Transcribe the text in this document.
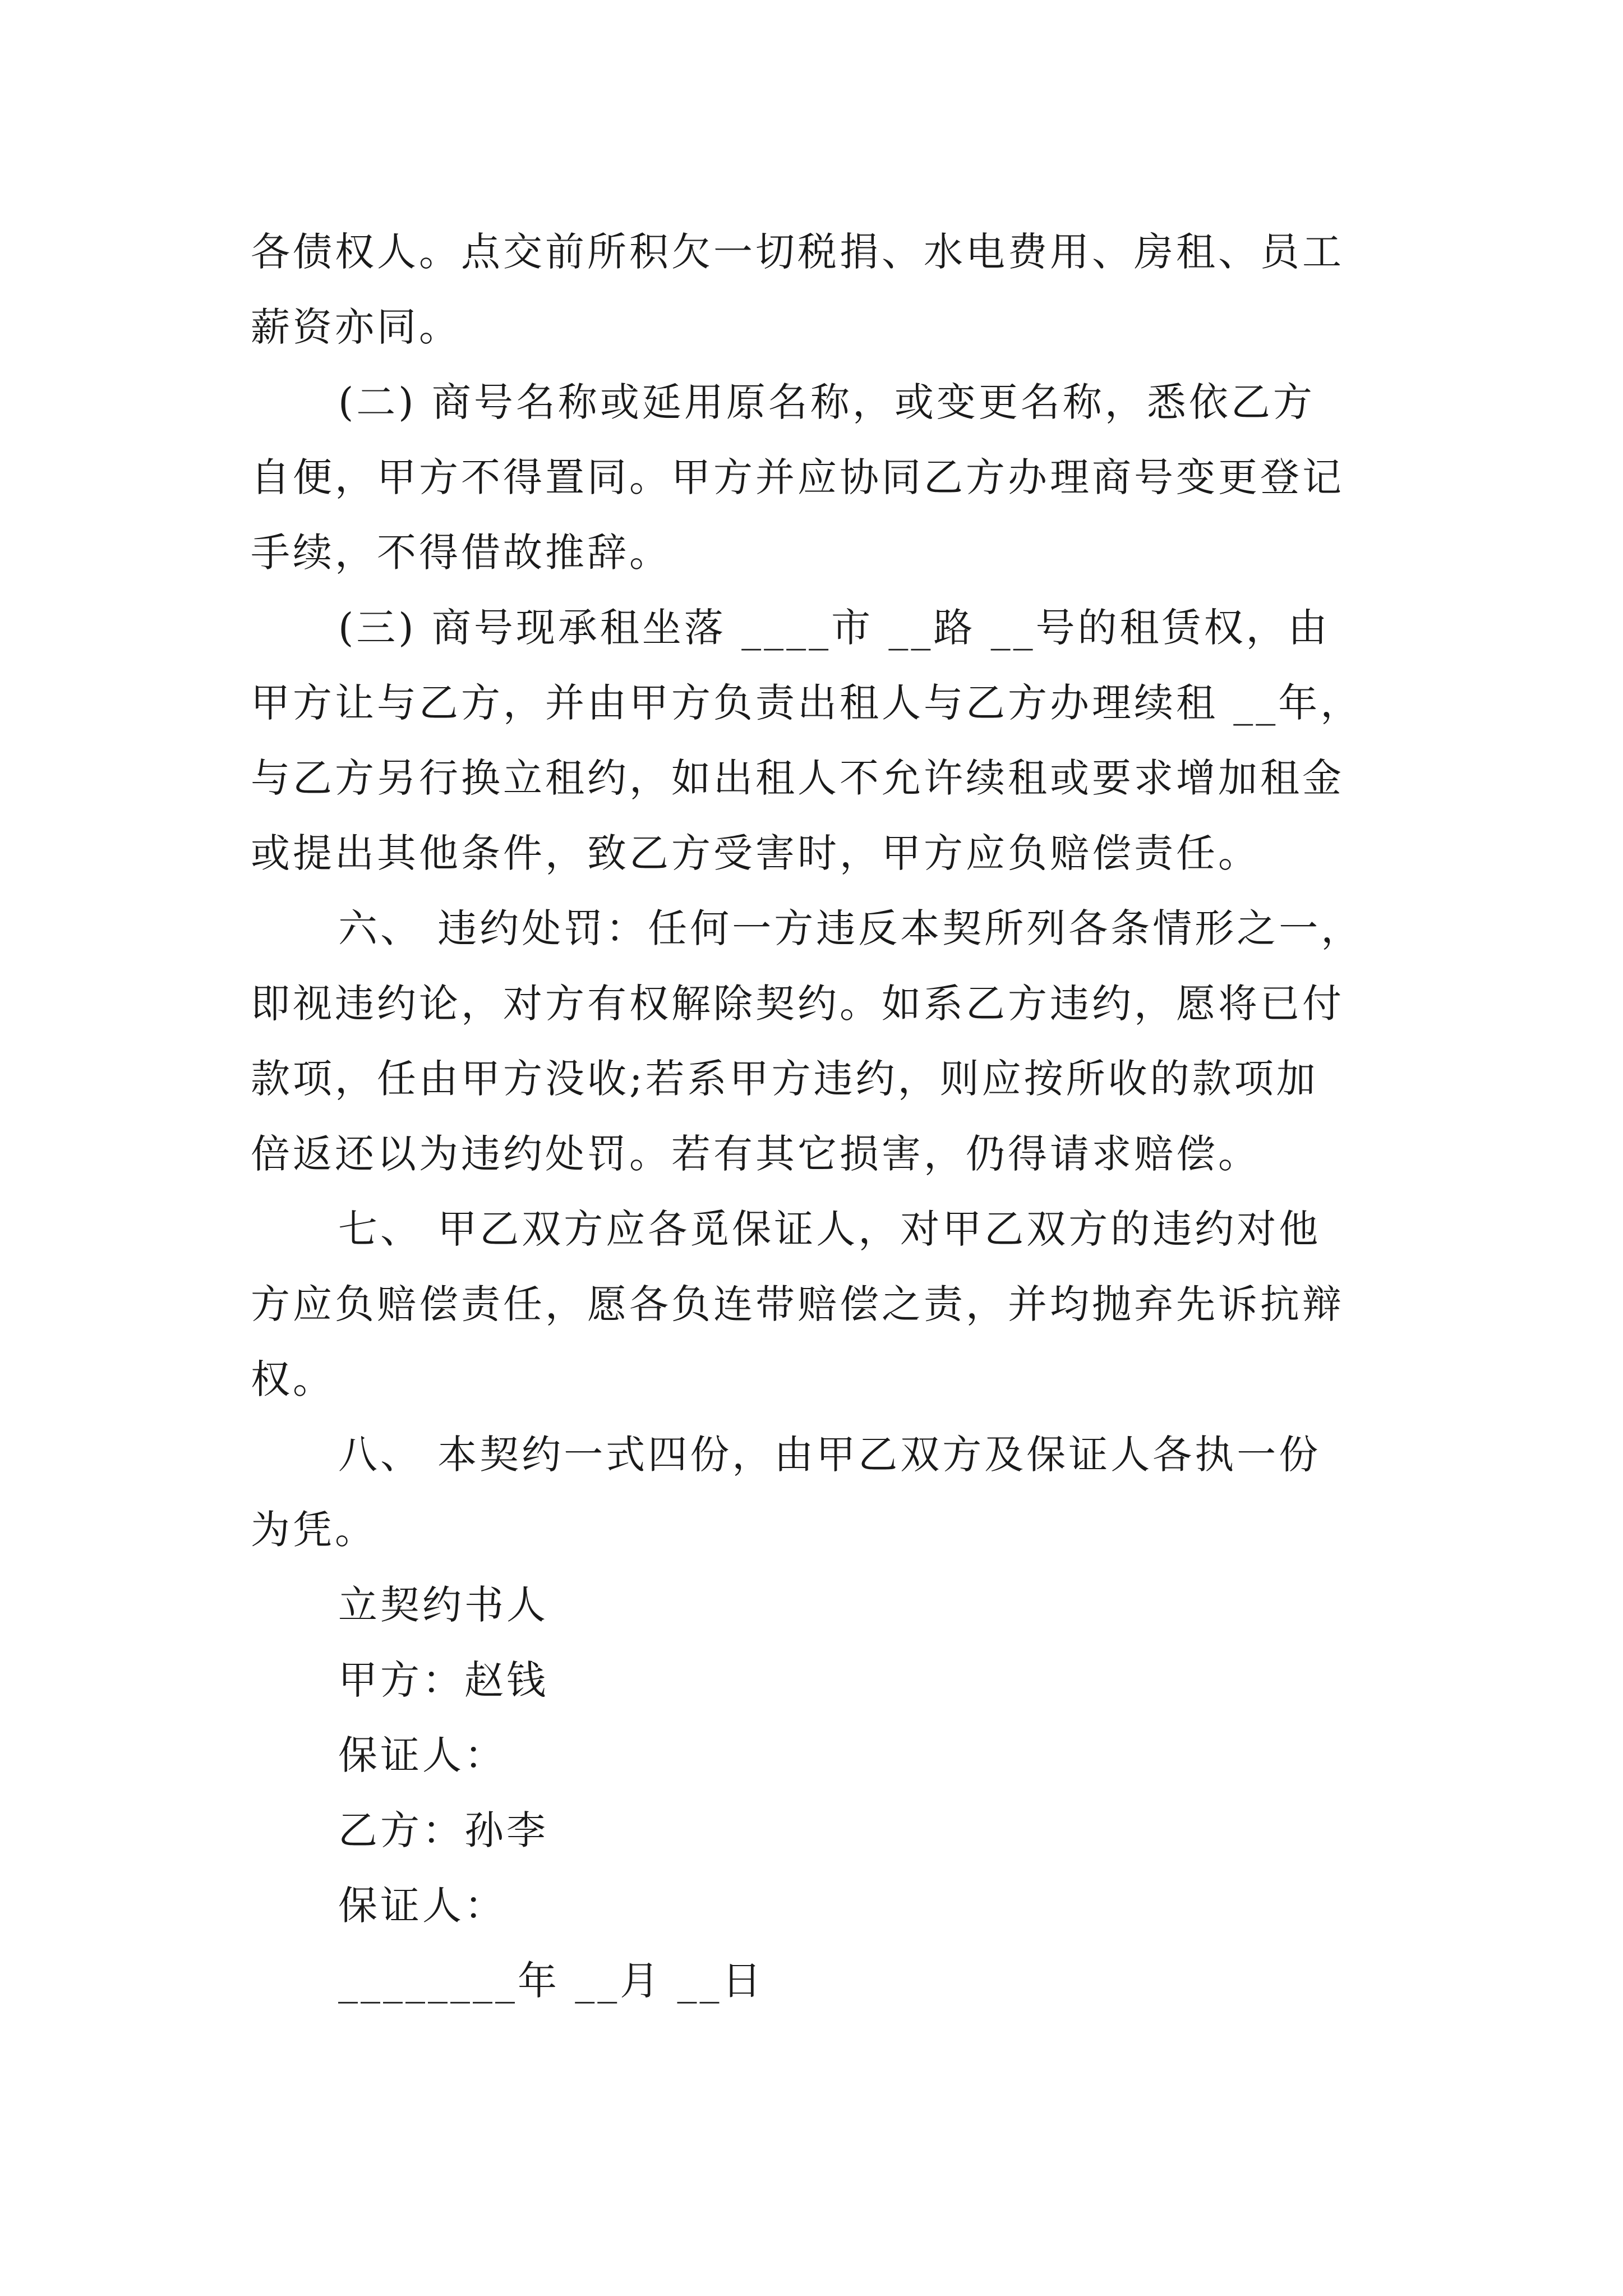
各债权人。点交前所积欠一切税捐、水电费用、房租、员工
薪资亦同。
(二) 商号名称或延用原名称，或变更名称，悉依乙方
自便，甲方不得置同。甲方并应协同乙方办理商号变更登记
手续，不得借故推辞。
(三) 商号现承租坐落 ____市 __路 __号的租赁权，由
甲方让与乙方，并由甲方负责出租人与乙方办理续租 __年，
与乙方另行换立租约，如出租人不允许续租或要求增加租金
或提出其他条件，致乙方受害时，甲方应负赔偿责任。
六、 违约处罚：任何一方违反本契所列各条情形之一，
即视违约论，对方有权解除契约。如系乙方违约，愿将已付
款项，任由甲方没收;若系甲方违约，则应按所收的款项加
倍返还以为违约处罚。若有其它损害，仍得请求赔偿。
七、 甲乙双方应各觅保证人，对甲乙双方的违约对他
方应负赔偿责任，愿各负连带赔偿之责，并均抛弃先诉抗辩
权。
八、 本契约一式四份，由甲乙双方及保证人各执一份
为凭。
立契约书人
甲方：赵钱
保证人：
乙方：孙李
保证人：
________年 __月 __日
